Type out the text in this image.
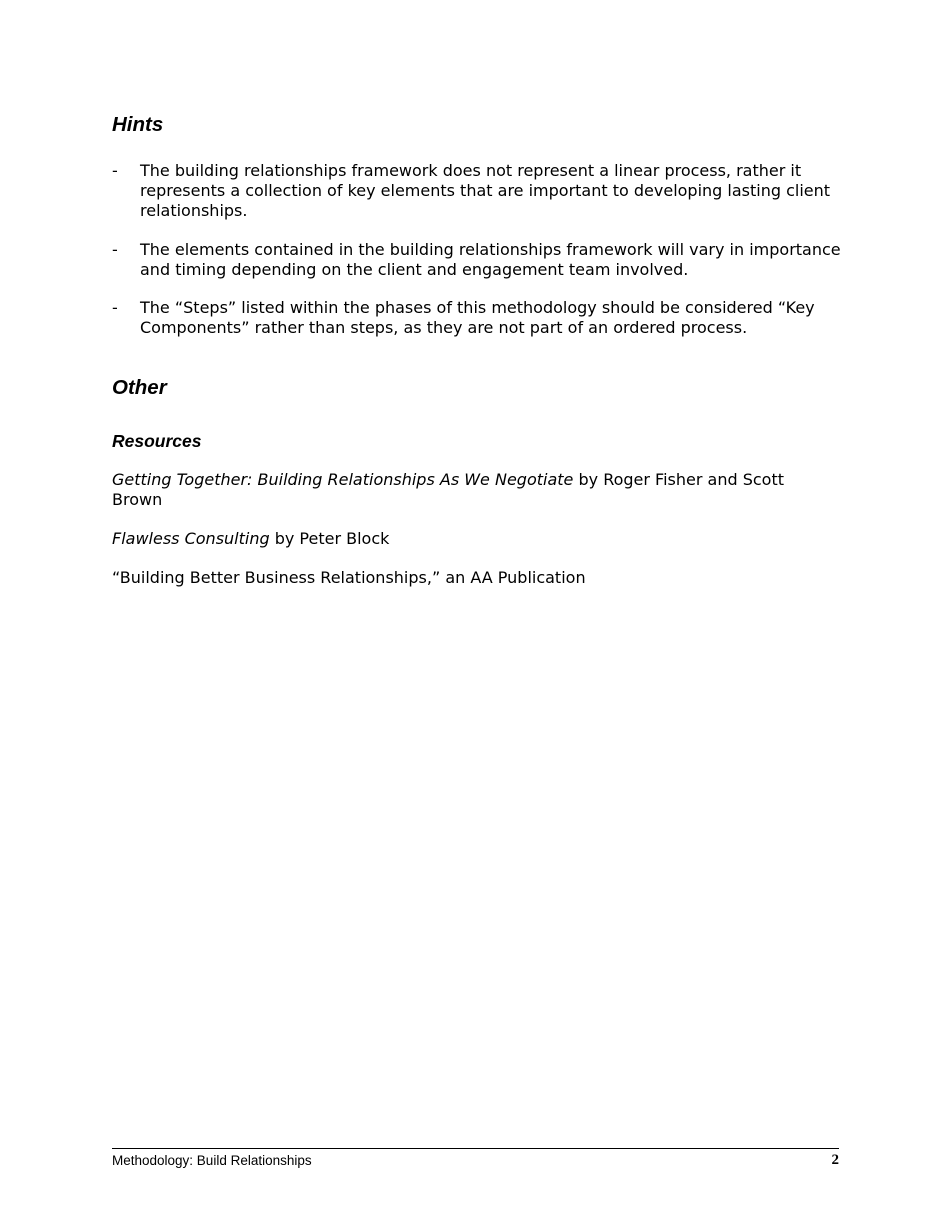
Hints
- The building relationships framework does not represent a linear process, rather it represents a collection of key elements that are important to developing lasting client relationships.
- The elements contained in the building relationships framework will vary in importance and timing depending on the client and engagement team involved.
- The “Steps” listed within the phases of this methodology should be considered “Key Components” rather than steps, as they are not part of an ordered process.
Other
Resources

Getting Together: Building Relationships As We Negotiate by Roger Fisher and Scott Brown

Flawless Consulting by Peter Block

“Building Better Business Relationships,” an AA Publication

Methodology: Build Relationships	2
